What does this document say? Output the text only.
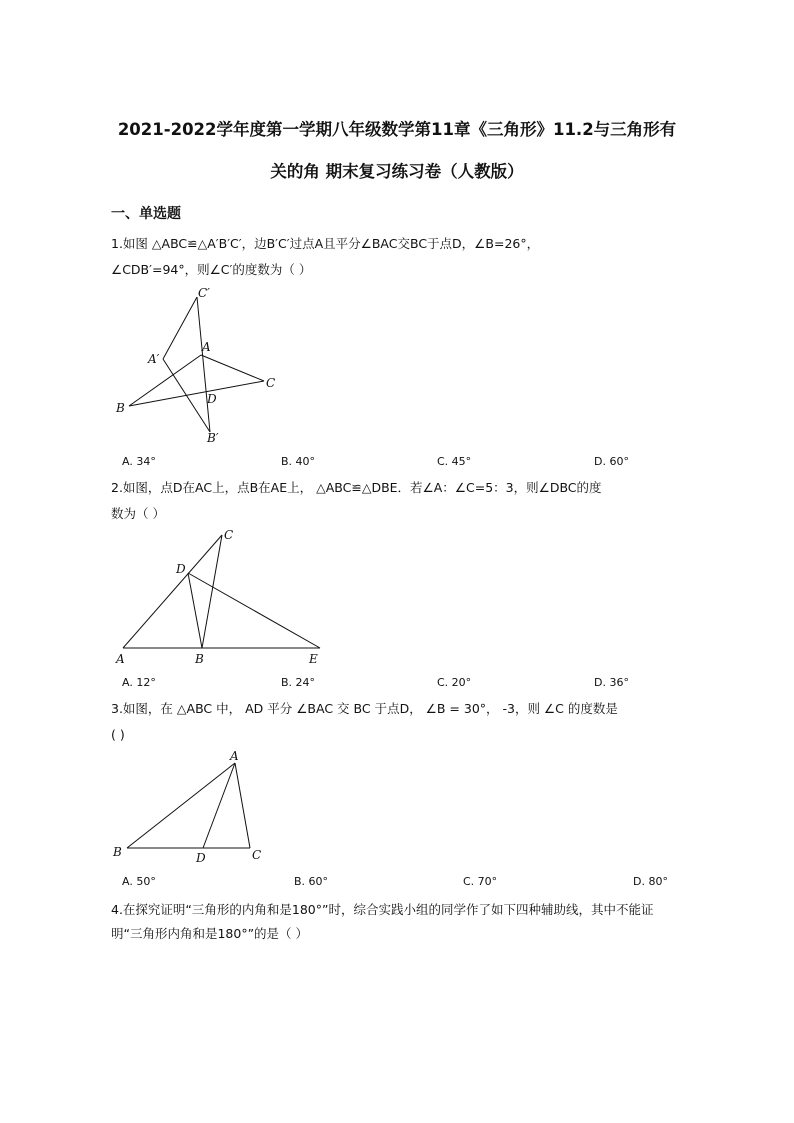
2021-2022学年度第一学期八年级数学第11章《三角形》11.2与三角形有
关的角 期末复习练习卷（人教版）
一、单选题
1.如图 △ABC≌△A′B′C′，边B′C′过点A且平分∠BAC交BC于点D，∠B=26°，
∠CDB′=94°，则∠C′的度数为（ ）
C′
A′
A
C
B
D
B′
A. 34°	B. 40°	C. 45°	D. 60°
2.如图，点D在AC上，点B在AE上， △ABC≌△DBE．若∠A：∠C=5：3，则∠DBC的度
数为（ ）
C
D
A	B	E
A. 12°	B. 24°	C. 20°	D. 36°
3.如图，在 △ABC 中， AD 平分 ∠BAC 交 BC 于点D， ∠B = 30°， -3，则 ∠C 的度数是
( )
A
B	D	C
A. 50°	B. 60°	C. 70°	D. 80°
4.在探究证明“三角形的内角和是180°”时，综合实践小组的同学作了如下四种辅助线，其中不能证
明“三角形内角和是180°”的是（ ）
